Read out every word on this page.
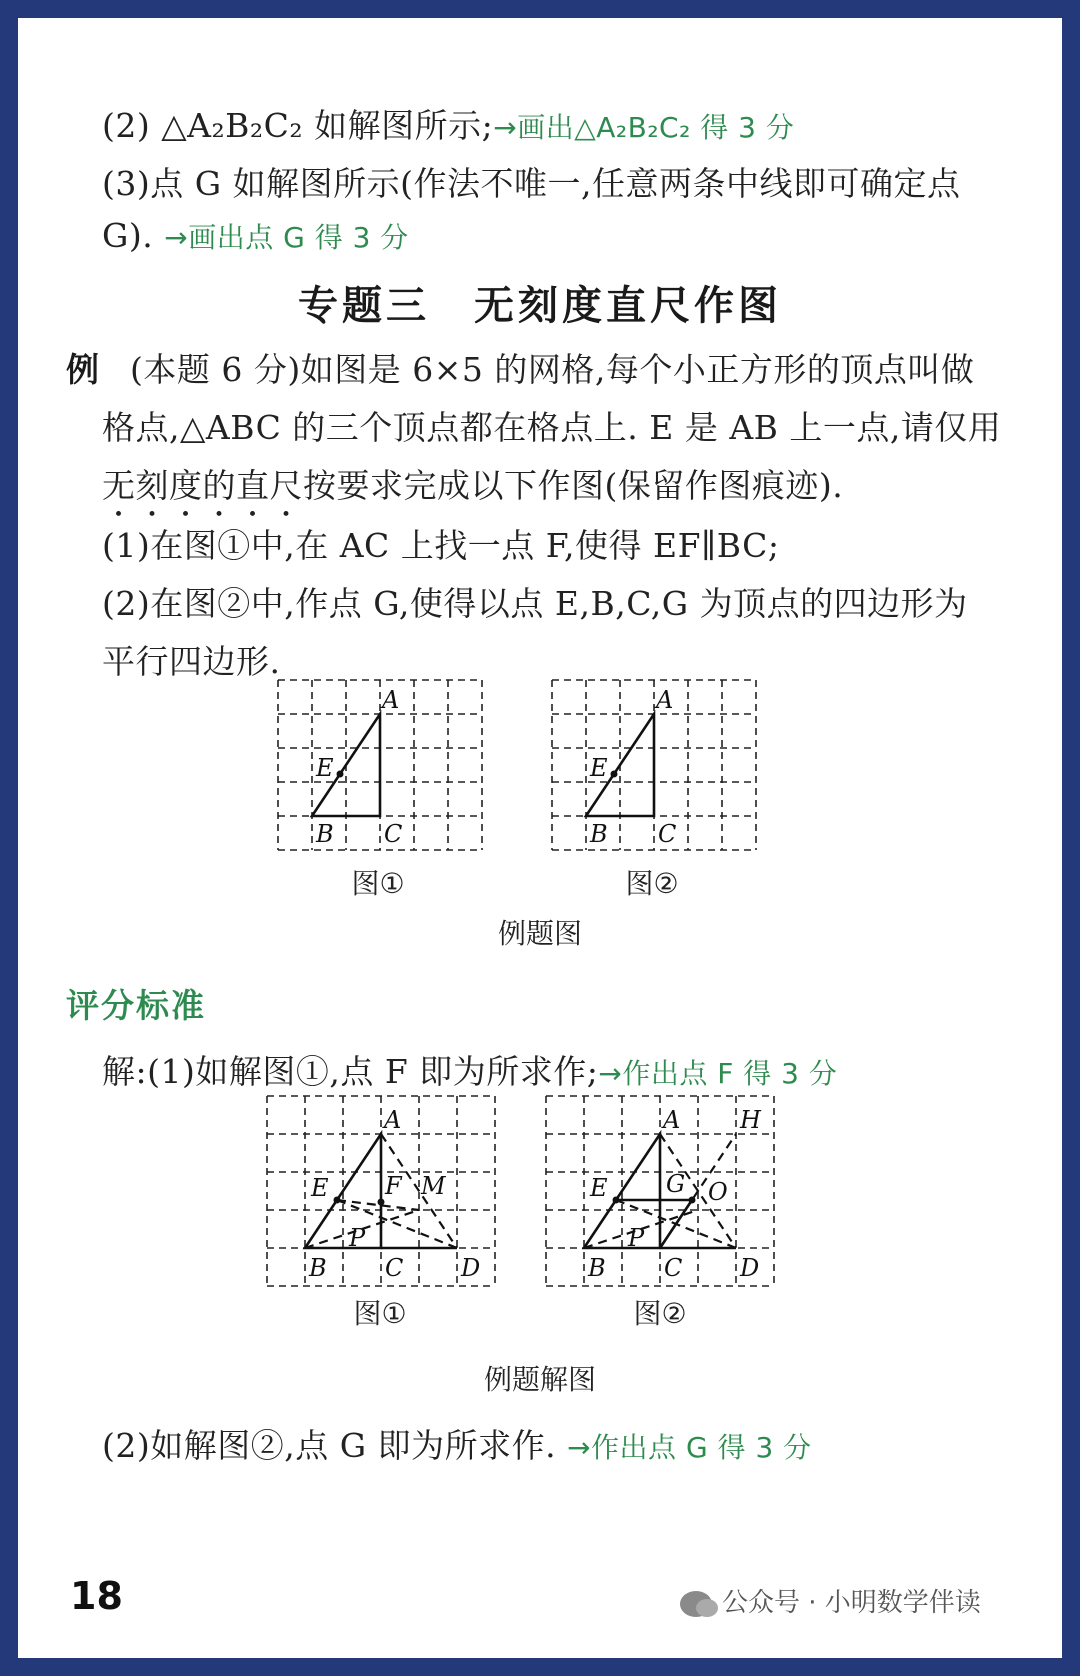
(2) △A₂B₂C₂ 如解图所示;→画出△A₂B₂C₂ 得 3 分
(3)点 G 如解图所示(作法不唯一,任意两条中线即可确定点
G). →画出点 G 得 3 分
专题三　无刻度直尺作图
例 (本题 6 分)如图是 6×5 的网格,每个小正方形的顶点叫做
格点,△ABC 的三个顶点都在格点上. E 是 AB 上一点,请仅用
无刻度的直尺按要求完成以下作图(保留作图痕迹).
(1)在图①中,在 AC 上找一点 F,使得 EF∥BC;
(2)在图②中,作点 G,使得以点 E,B,C,G 为顶点的四边形为
平行四边形.
A
E
B C
图①
A
E
B C
图②
例题图
评分标准
解:(1)如解图①,点 F 即为所求作;→作出点 F 得 3 分
A
E F M
P
B C D
图①
A H
E G O
P
B C D
图②
例题解图
(2)如解图②,点 G 即为所求作. →作出点 G 得 3 分
18	公众号 · 小明数学伴读
